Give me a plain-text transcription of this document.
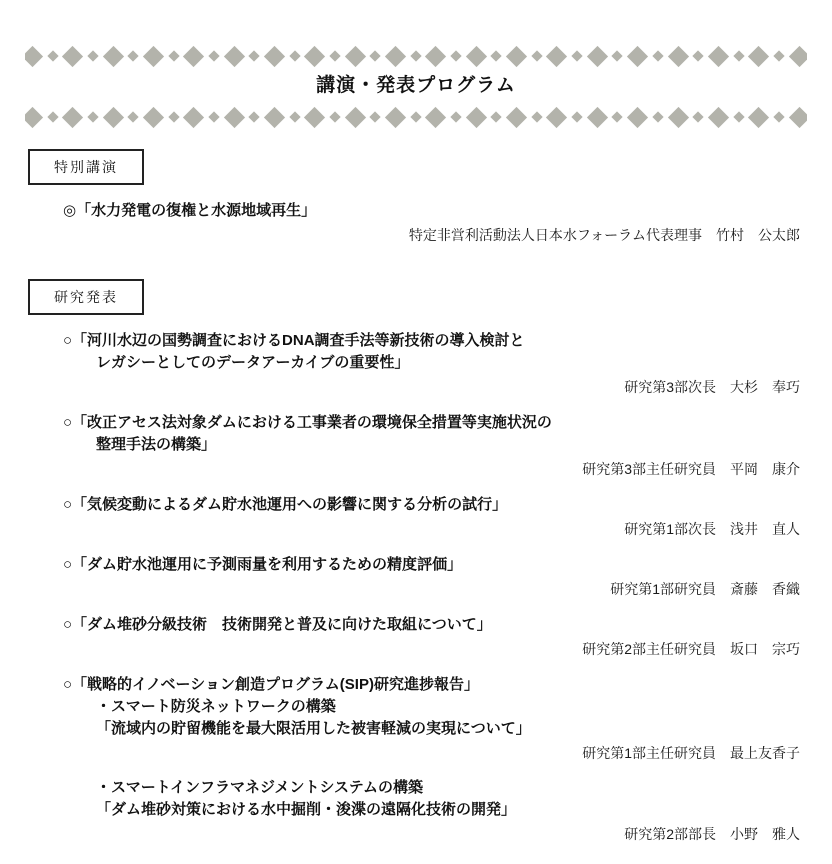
講演・発表プログラム
特別講演
◎「水力発電の復権と水源地域再生」
特定非営利活動法人日本水フォーラム代表理事　竹村　公太郎
研究発表
○「河川水辺の国勢調査におけるDNA調査手法等新技術の導入検討と
レガシーとしてのデータアーカイブの重要性」
研究第3部次長　大杉　奉巧
○「改正アセス法対象ダムにおける工事業者の環境保全措置等実施状況の
整理手法の構築」
研究第3部主任研究員　平岡　康介
○「気候変動によるダム貯水池運用への影響に関する分析の試行」
研究第1部次長　浅井　直人
○「ダム貯水池運用に予測雨量を利用するための精度評価」
研究第1部研究員　斎藤　香織
○「ダム堆砂分級技術　技術開発と普及に向けた取組について」
研究第2部主任研究員　坂口　宗巧
○「戦略的イノベーション創造プログラム(SIP)研究進捗報告」
・スマート防災ネットワークの構築
「流域内の貯留機能を最大限活用した被害軽減の実現について」
研究第1部主任研究員　最上友香子
・スマートインフラマネジメントシステムの構築
「ダム堆砂対策における水中掘削・浚渫の遠隔化技術の開発」
研究第2部部長　小野　雅人
